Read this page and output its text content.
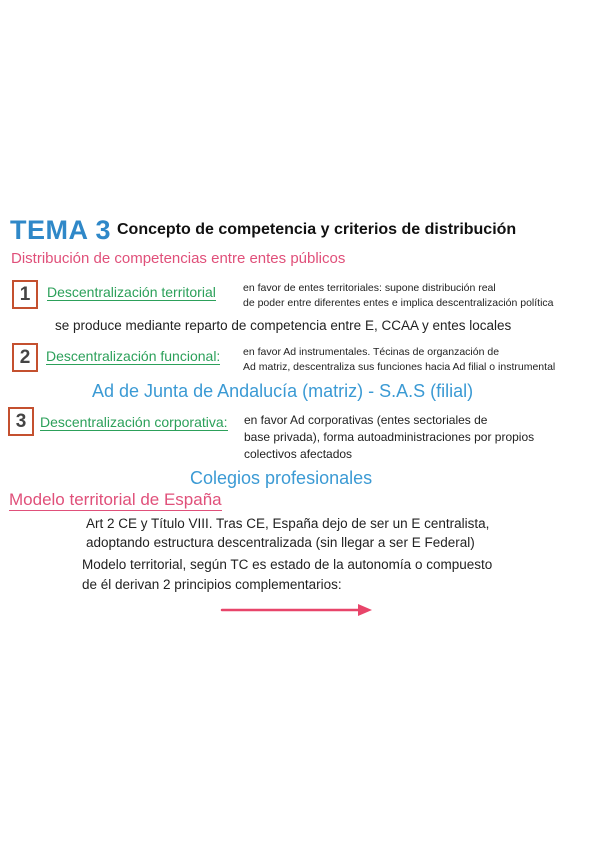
TEMA 3 Concepto de competencia y criterios de distribución
Distribución de competencias entre entes públicos
1	Descentralización territorial	en favor de entes territoriales: supone distribución real
de poder entre diferentes entes e implica descentralización política
se produce mediante reparto de competencia entre E, CCAA y entes locales
2	Descentralización funcional: en favor Ad instrumentales. Técinas de organzación de
Ad matriz, descentraliza sus funciones hacia Ad filial o instrumental
Ad de Junta de Andalucía (matriz) - S.A.S (filial)
3 Descentralización corporativa: en favor Ad corporativas (entes sectoriales de
base privada), forma autoadministraciones por propios
colectivos afectados
Colegios profesionales
Modelo territorial de España
Art 2 CE y Título VIII. Tras CE, España dejo de ser un E centralista,
adoptando estructura descentralizada (sin llegar a ser E Federal)
Modelo territorial, según TC es estado de la autonomía o compuesto
de él derivan 2 principios complementarios:
